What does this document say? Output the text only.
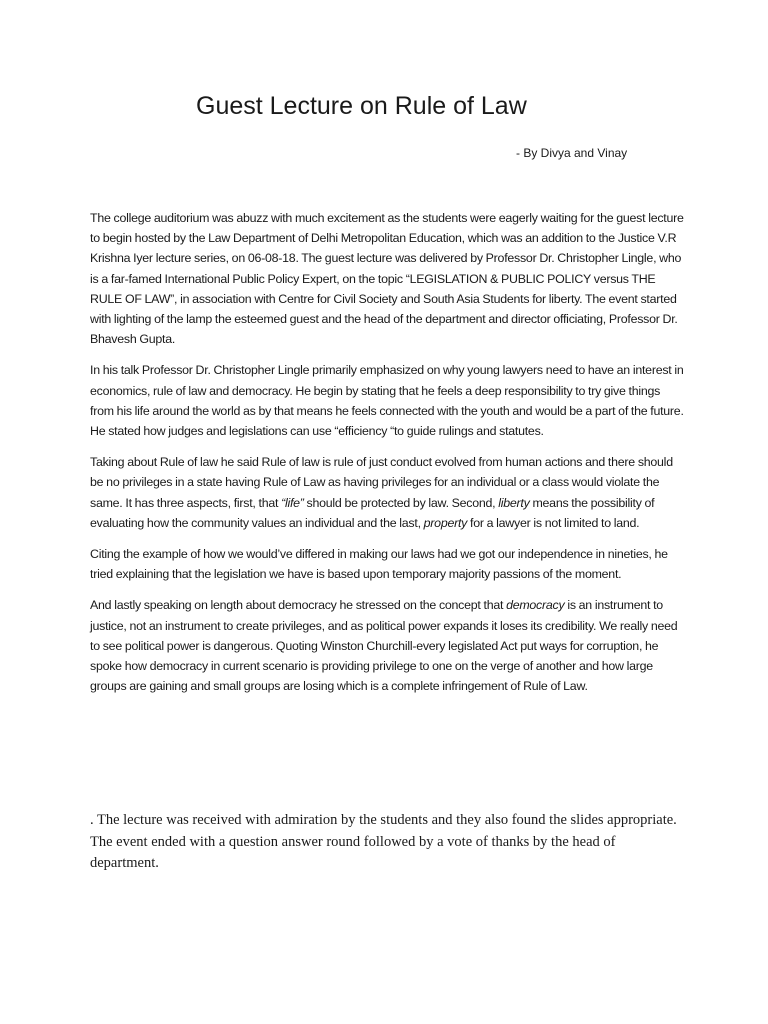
Guest Lecture on Rule of Law

- By Divya and Vinay

The college auditorium was abuzz with much excitement as the students were eagerly waiting for the guest lecture to begin hosted by the Law Department of Delhi Metropolitan Education, which was an addition to the Justice V.R Krishna Iyer lecture series, on 06-08-18. The guest lecture was delivered by Professor Dr. Christopher Lingle, who is a far-famed International Public Policy Expert, on the topic “LEGISLATION & PUBLIC POLICY versus THE RULE OF LAW”, in association with Centre for Civil Society and South Asia Students for liberty. The event started with lighting of the lamp the esteemed guest and the head of the department and director officiating, Professor Dr. Bhavesh Gupta.

In his talk Professor Dr. Christopher Lingle primarily emphasized on why young lawyers need to have an interest in economics, rule of law and democracy. He begin by stating that he feels a deep responsibility to try give things from his life around the world as by that means he feels connected with the youth and would be a part of the future. He stated how judges and legislations can use “efficiency “to guide rulings and statutes.

Taking about Rule of law he said Rule of law is rule of just conduct evolved from human actions and there should be no privileges in a state having Rule of Law as having privileges for an individual or a class would violate the same. It has three aspects, first, that “life” should be protected by law. Second, liberty means the possibility of evaluating how the community values an individual and the last, property for a lawyer is not limited to land.

Citing the example of how we would’ve differed in making our laws had we got our independence in nineties, he tried explaining that the legislation we have is based upon temporary majority passions of the moment.

And lastly speaking on length about democracy he stressed on the concept that democracy is an instrument to justice, not an instrument to create privileges, and as political power expands it loses its credibility. We really need to see political power is dangerous. Quoting Winston Churchill-every legislated Act put ways for corruption, he spoke how democracy in current scenario is providing privilege to one on the verge of another and how large groups are gaining and small groups are losing which is a complete infringement of Rule of Law.

. The lecture was received with admiration by the students and they also found the slides appropriate. The event ended with a question answer round followed by a vote of thanks by the head of department.
